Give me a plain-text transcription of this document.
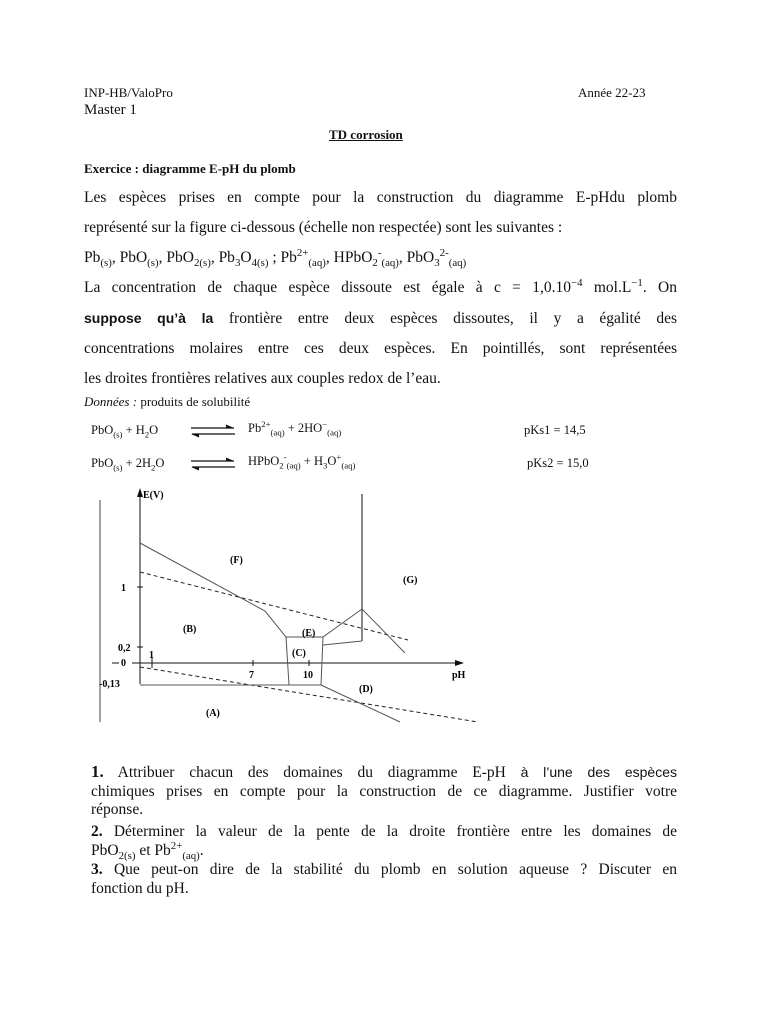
INP-HB/ValoPro	Année 22-23
Master 1
TD corrosion
Exercice : diagramme E-pH du plomb
Les espèces prises en compte pour la construction du diagramme E-pHdu plomb
représenté sur la figure ci-dessous (échelle non respectée) sont les suivantes :
$Pb_{(s)}$, PbO$_{(s)}$, PbO$_{2(s)}$, $Pb_3O_{4(s)}$ ; $Pb^{2+}_{(aq)}$, HPbO$_2$-$_{(aq)}$, PbO$_3^{2-}_{(aq)}$
La concentration de chaque espèce dissoute est égale à $c = 1,0.10^{-4}$ $mol.L^{-1}$. On
suppose qu’à la frontière entre deux espèces dissoutes, il y a égalité des
concentrations molaires entre ces deux espèces. En pointillés, sont représentées
les droites frontières relatives aux couples redox de l’eau.
Données : produits de solubilité
$PbO_{(s)} + H_2O$ ⇌ $Pb^{2+}_{(aq)} + 2HO^-_{(aq)}$	pKs1 = 14,5
$PbO_{(s)} + 2H_2O$ ⇌ HPbO$_2$-$_{(aq)}$ + $H_3O^+_{(aq)}$	pKs2 = 15,0
E(V)
pH
1
0,2
0
-0,13
1
7	10
(F)
(G)
(B)	(E)
(C)
(D)
(A)
1. Attribuer chacun des domaines du diagramme E-pH à l’une des espèces
chimiques prises en compte pour la construction de ce diagramme. Justifier votre
réponse.
2. Déterminer la valeur de la pente de la droite frontière entre les domaines de
PbO$_{2(s)}$ et $Pb^{2+}_{(aq)}$.
3. Que peut-on dire de la stabilité du plomb en solution aqueuse ? Discuter en
fonction du pH.
